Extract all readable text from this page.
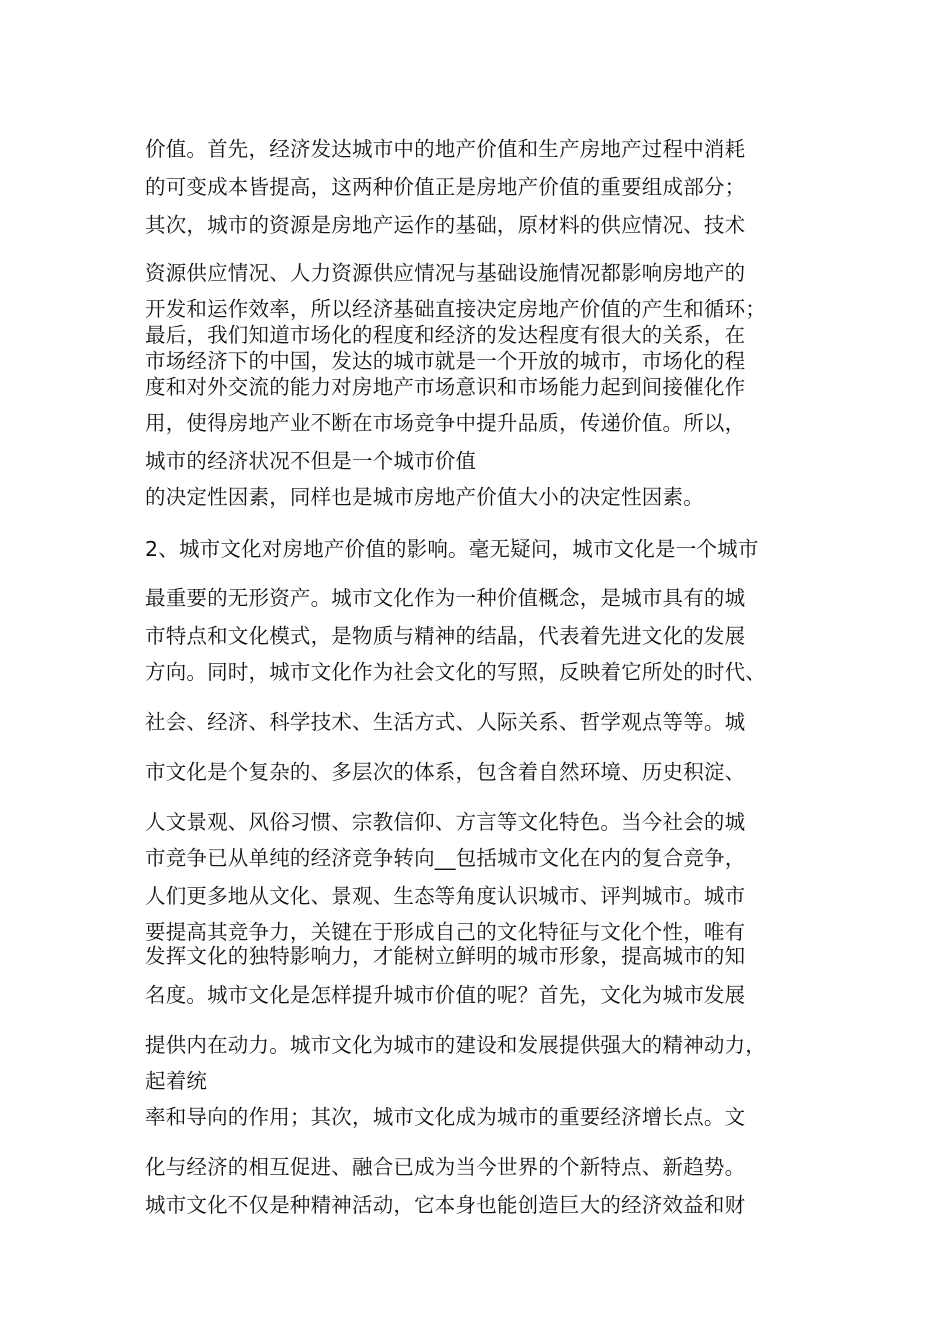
价值。首先，经济发达城市中的地产价值和生产房地产过程中消耗
的可变成本皆提高，这两种价值正是房地产价值的重要组成部分；
其次，城市的资源是房地产运作的基础，原材料的供应情况、技术
资源供应情况、人力资源供应情况与基础设施情况都影响房地产的
开发和运作效率，所以经济基础直接决定房地产价值的产生和循环；
最后，我们知道市场化的程度和经济的发达程度有很大的关系，在
市场经济下的中国，发达的城市就是一个开放的城市，市场化的程
度和对外交流的能力对房地产市场意识和市场能力起到间接催化作
用，使得房地产业不断在市场竞争中提升品质，传递价值。所以，
城市的经济状况不但是一个城市价值
的决定性因素，同样也是城市房地产价值大小的决定性因素。
2、城市文化对房地产价值的影响。毫无疑问，城市文化是一个城市
最重要的无形资产。城市文化作为一种价值概念，是城市具有的城
市特点和文化模式，是物质与精神的结晶，代表着先进文化的发展
方向。同时，城市文化作为社会文化的写照，反映着它所处的时代、
社会、经济、科学技术、生活方式、人际关系、哲学观点等等。城
市文化是个复杂的、多层次的体系，包含着自然环境、历史积淀、
人文景观、风俗习惯、宗教信仰、方言等文化特色。当今社会的城
市竞争已从单纯的经济竞争转向__包括城市文化在内的复合竞争，
人们更多地从文化、景观、生态等角度认识城市、评判城市。城市
要提高其竞争力，关键在于形成自己的文化特征与文化个性，唯有
发挥文化的独特影响力，才能树立鲜明的城市形象，提高城市的知
名度。城市文化是怎样提升城市价值的呢？首先，文化为城市发展
提供内在动力。城市文化为城市的建设和发展提供强大的精神动力，
起着统
率和导向的作用；其次，城市文化成为城市的重要经济增长点。文
化与经济的相互促进、融合已成为当今世界的个新特点、新趋势。
城市文化不仅是种精神活动，它本身也能创造巨大的经济效益和财
